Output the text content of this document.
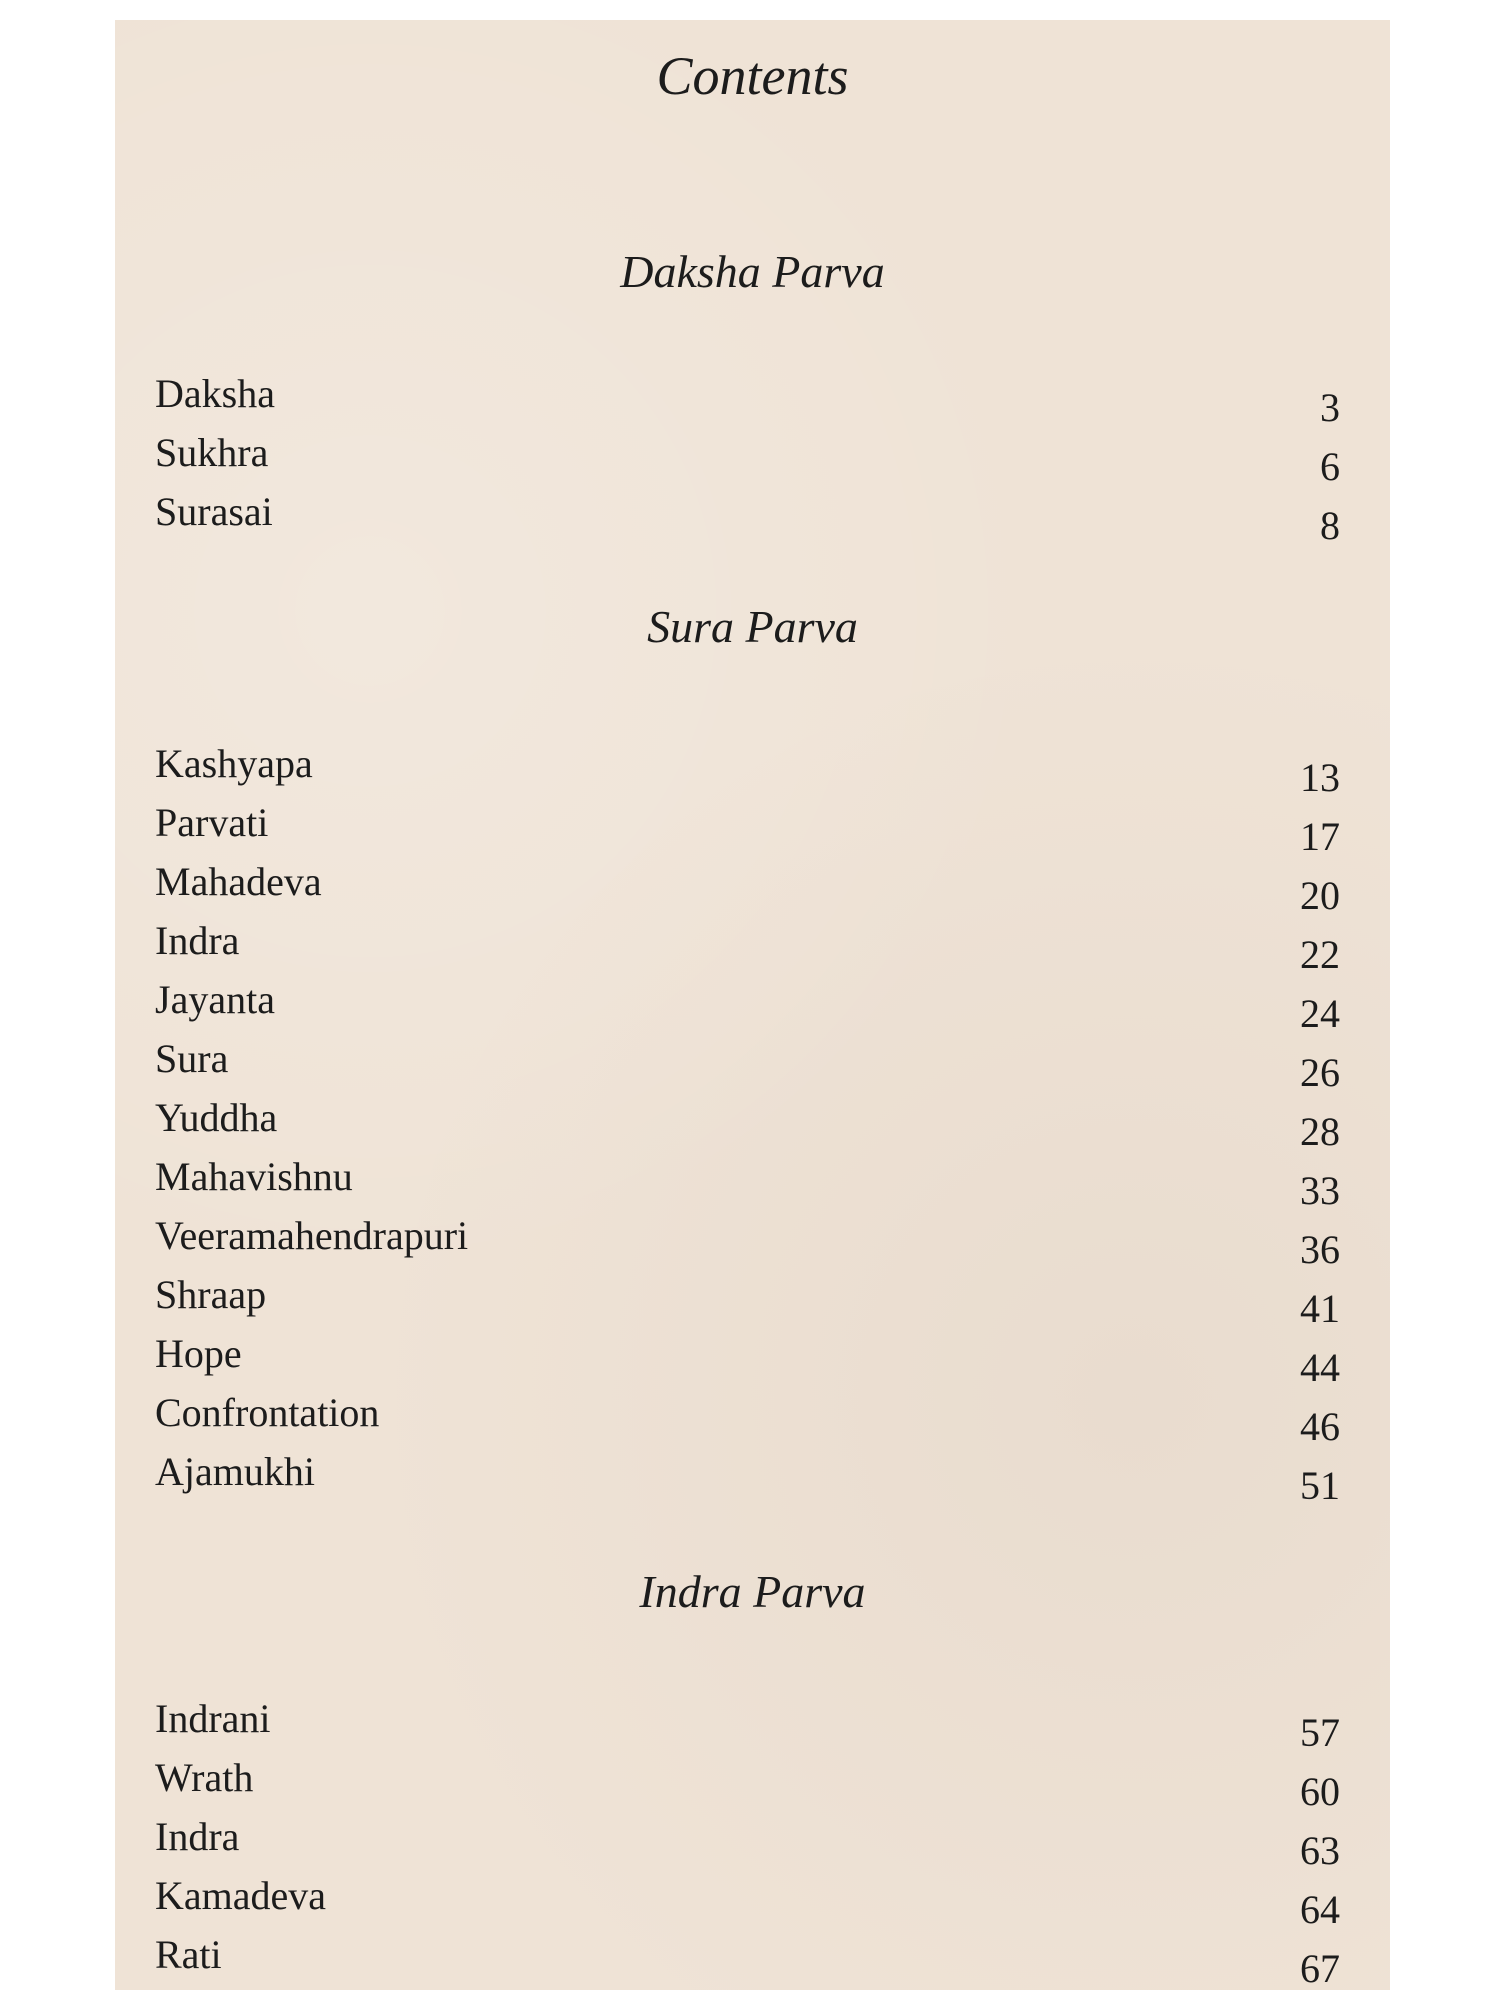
Contents
Daksha Parva
Daksha	3
Sukhra	6
Surasai	8
Sura Parva
Kashyapa	13
Parvati	17
Mahadeva	20
Indra	22
Jayanta	24
Sura	26
Yuddha	28
Mahavishnu	33
Veeramahendrapuri	36
Shraap	41
Hope	44
Confrontation	46
Ajamukhi	51
Indra Parva
Indrani	57
Wrath	60
Indra	63
Kamadeva	64
Rati	67
